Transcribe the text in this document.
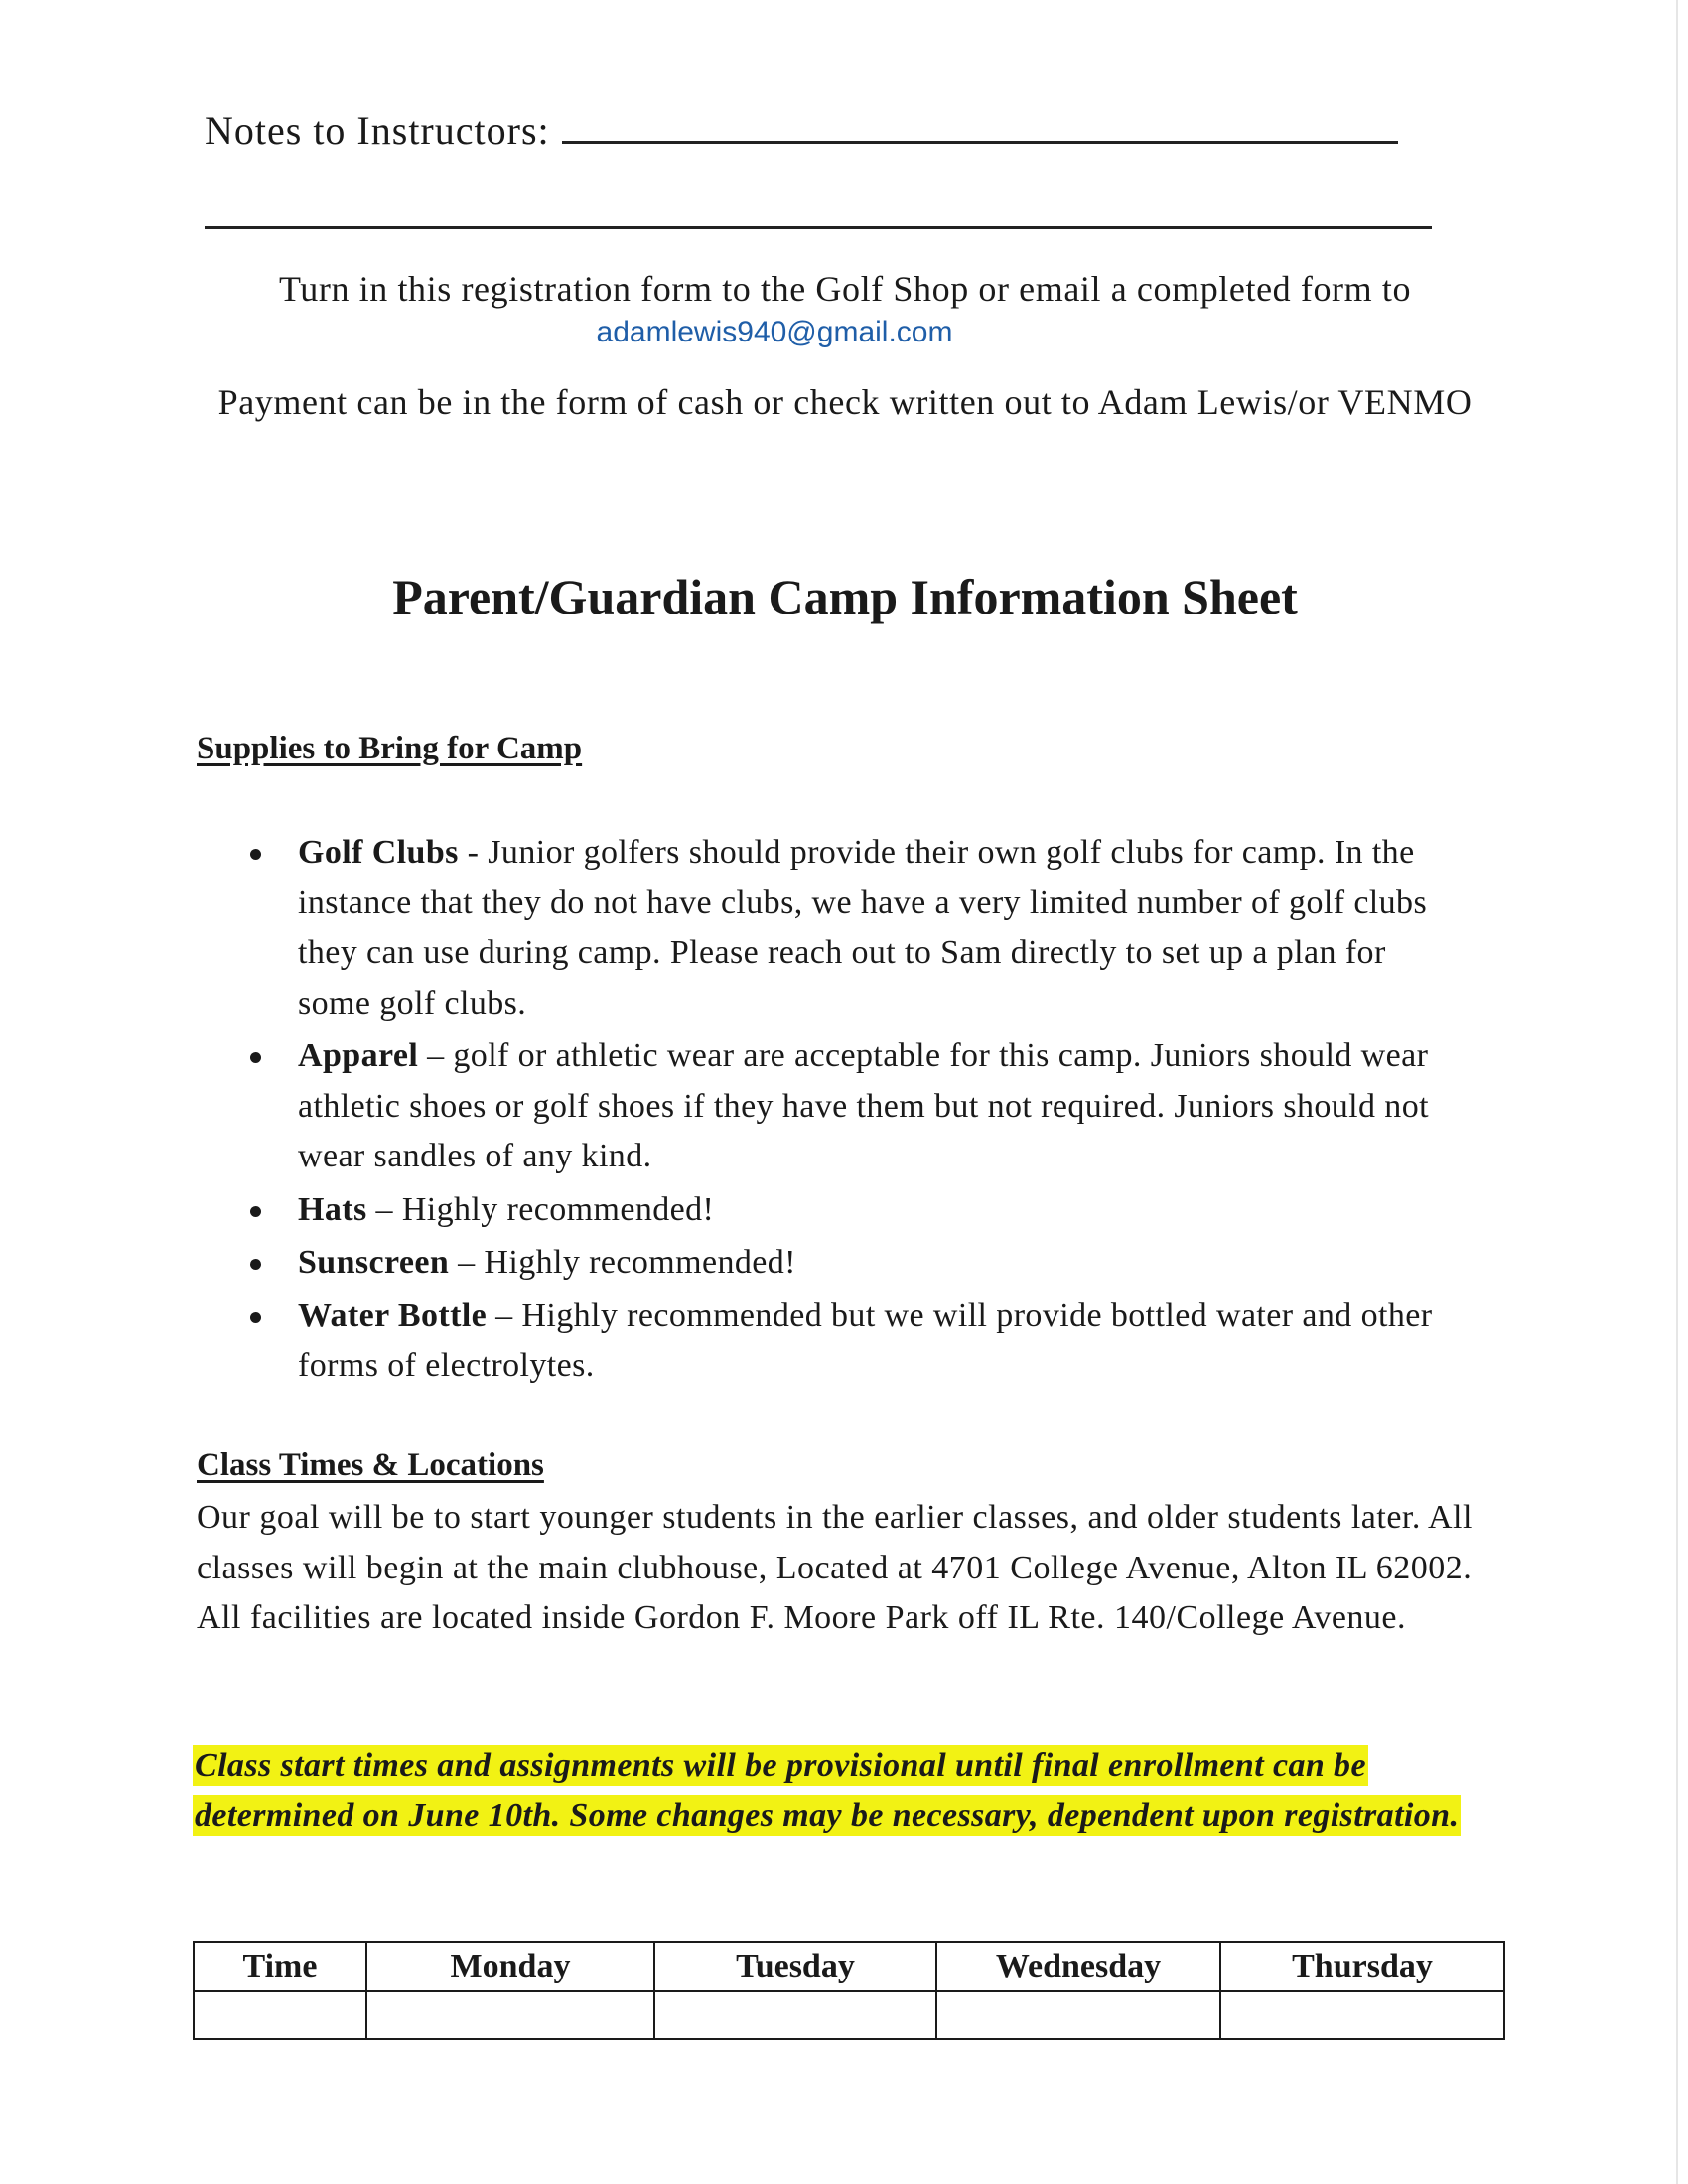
Notes to Instructors:
Turn in this registration form to the Golf Shop or email a completed form to
adamlewis940@gmail.com
Payment can be in the form of cash or check written out to Adam Lewis/or VENMO
Parent/Guardian Camp Information Sheet
Supplies to Bring for Camp
Golf Clubs - Junior golfers should provide their own golf clubs for camp. In the instance that they do not have clubs, we have a very limited number of golf clubs they can use during camp. Please reach out to Sam directly to set up a plan for some golf clubs.
Apparel – golf or athletic wear are acceptable for this camp. Juniors should wear athletic shoes or golf shoes if they have them but not required. Juniors should not wear sandles of any kind.
Hats – Highly recommended!
Sunscreen – Highly recommended!
Water Bottle – Highly recommended but we will provide bottled water and other forms of electrolytes.
Class Times & Locations
Our goal will be to start younger students in the earlier classes, and older students later. All classes will begin at the main clubhouse, Located at 4701 College Avenue, Alton IL 62002. All facilities are located inside Gordon F. Moore Park off IL Rte. 140/College Avenue.
Class start times and assignments will be provisional until final enrollment can be determined on June 10th. Some changes may be necessary, dependent upon registration.
Time	Monday	Tuesday	Wednesday	Thursday
